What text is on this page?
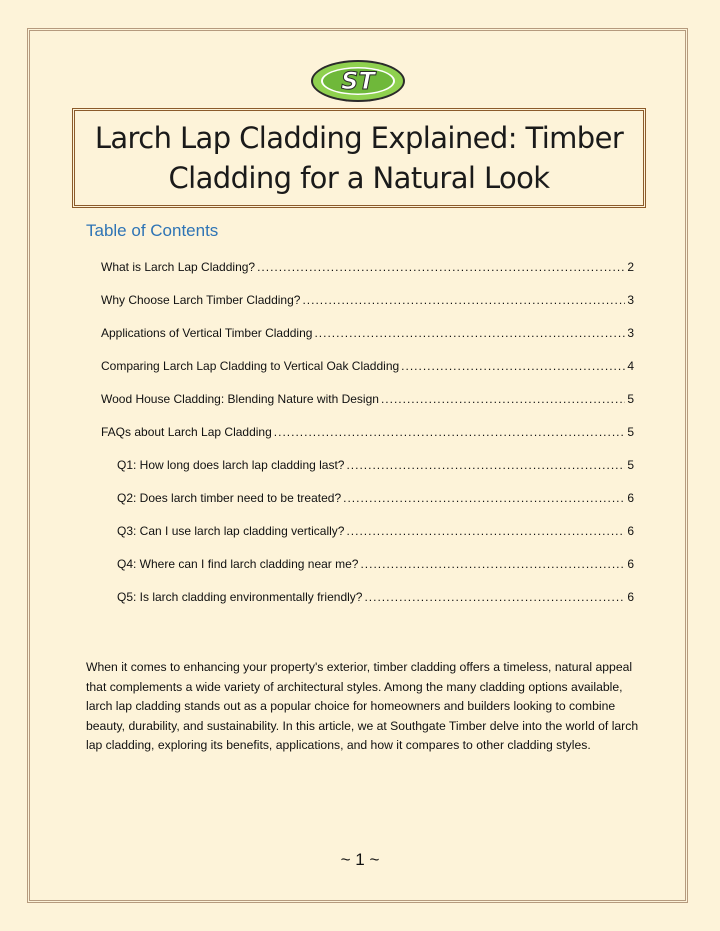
ST
Larch Lap Cladding Explained: Timber Cladding for a Natural Look
Table of Contents
What is Larch Lap Cladding? .....	2
Why Choose Larch Timber Cladding? .....	3
Applications of Vertical Timber Cladding .....	3
Comparing Larch Lap Cladding to Vertical Oak Cladding .....	4
Wood House Cladding: Blending Nature with Design .....	5
FAQs about Larch Lap Cladding .....	5
Q1: How long does larch lap cladding last? .....	5
Q2: Does larch timber need to be treated? .....	6
Q3: Can I use larch lap cladding vertically? .....	6
Q4: Where can I find larch cladding near me? .....	6
Q5: Is larch cladding environmentally friendly? .....	6

When it comes to enhancing your property's exterior, timber cladding offers a timeless, natural appeal that complements a wide variety of architectural styles. Among the many cladding options available, larch lap cladding stands out as a popular choice for homeowners and builders looking to combine beauty, durability, and sustainability. In this article, we at Southgate Timber delve into the world of larch lap cladding, exploring its benefits, applications, and how it compares to other cladding styles.

~ 1 ~
